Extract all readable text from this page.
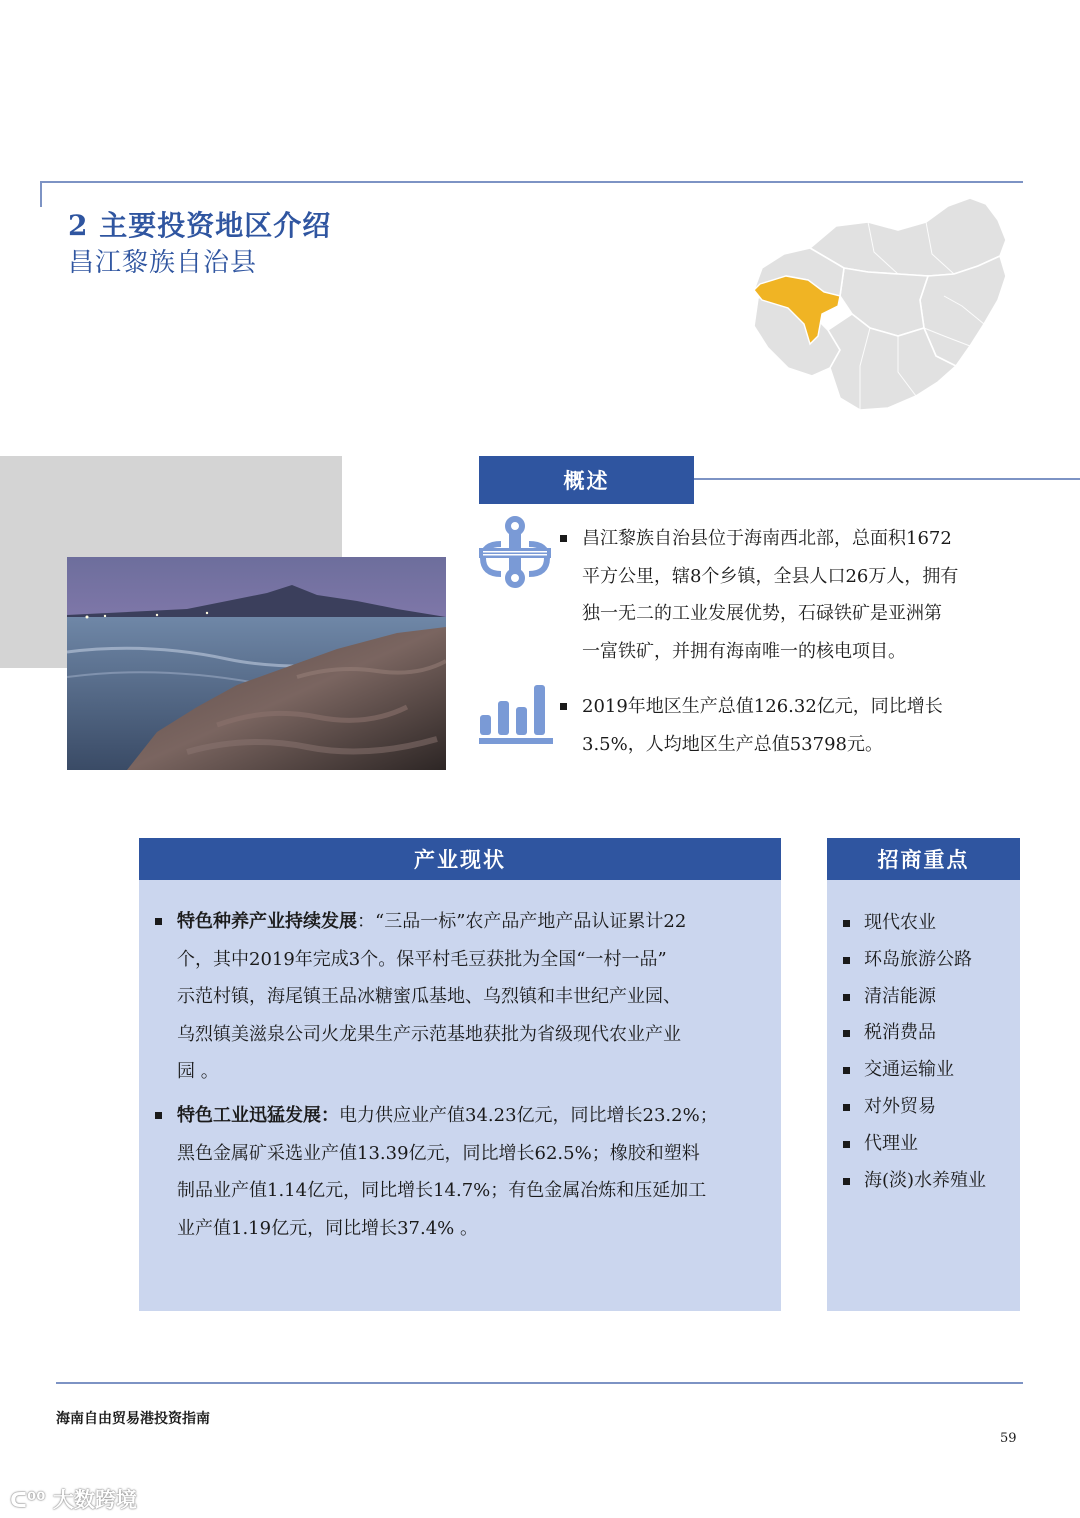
2 主要投资地区介绍
昌江黎族自治县
概述
昌江黎族自治县位于海南西北部，总面积1672
平方公里，辖8个乡镇，全县人口26万人，拥有
独一无二的工业发展优势，石碌铁矿是亚洲第
一富铁矿，并拥有海南唯一的核电项目。
2019年地区生产总值126.32亿元，同比增长
3.5%，人均地区生产总值53798元。
产业现状
特色种养产业持续发展：“三品一标”农产品产地产品认证累计22
个，其中2019年完成3个。保平村毛豆获批为全国“一村一品”
示范村镇，海尾镇王品冰糖蜜瓜基地、乌烈镇和丰世纪产业园、
乌烈镇美滋泉公司火龙果生产示范基地获批为省级现代农业产业
园 。
特色工业迅猛发展：电力供应业产值34.23亿元，同比增长23.2%；
黑色金属矿采选业产值13.39亿元，同比增长62.5%；橡胶和塑料
制品业产值1.14亿元，同比增长14.7%；有色金属冶炼和压延加工
业产值1.19亿元，同比增长37.4% 。
招商重点
现代农业
环岛旅游公路
清洁能源
税消费品
交通运输业
对外贸易
代理业
海(淡)水养殖业
海南自由贸易港投资指南
59
ᑕ⁰⁰ 大数跨境
